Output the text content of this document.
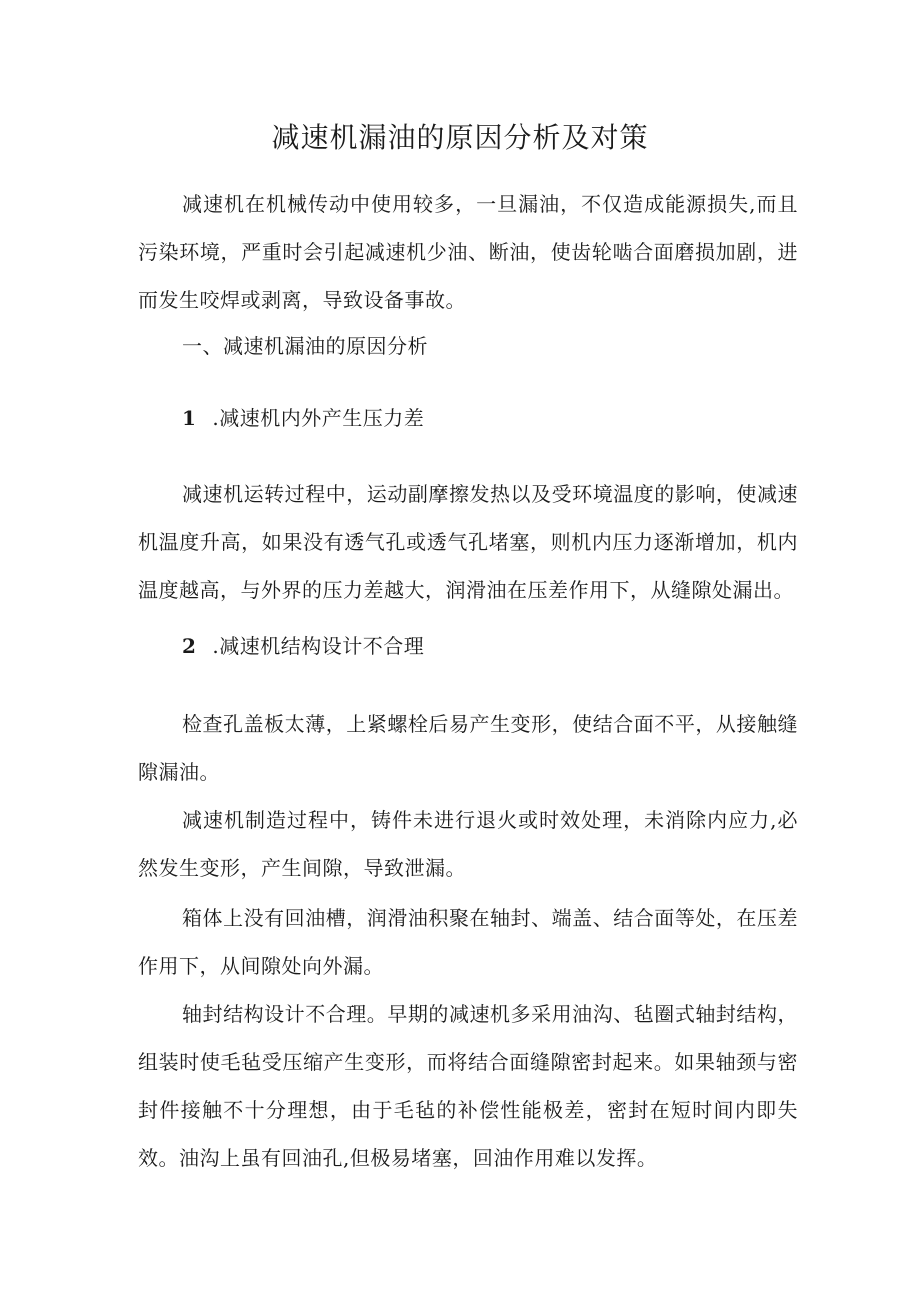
减速机漏油的原因分析及对策

减速机在机械传动中使用较多，一旦漏油，不仅造成能源损失,而且污染环境，严重时会引起减速机少油、断油，使齿轮啮合面磨损加剧，进而发生咬焊或剥离，导致设备事故。

一、减速机漏油的原因分析
1 .减速机内外产生压力差

减速机运转过程中，运动副摩擦发热以及受环境温度的影响，使减速机温度升高，如果没有透气孔或透气孔堵塞，则机内压力逐渐增加，机内温度越高，与外界的压力差越大，润滑油在压差作用下，从缝隙处漏出。

2 .减速机结构设计不合理

检查孔盖板太薄，上紧螺栓后易产生变形，使结合面不平，从接触缝隙漏油。

减速机制造过程中，铸件未进行退火或时效处理，未消除内应力,必然发生变形，产生间隙，导致泄漏。

箱体上没有回油槽，润滑油积聚在轴封、端盖、结合面等处，在压差作用下，从间隙处向外漏。

轴封结构设计不合理。早期的减速机多采用油沟、毡圈式轴封结构，组装时使毛毡受压缩产生变形，而将结合面缝隙密封起来。如果轴颈与密封件接触不十分理想，由于毛毡的补偿性能极差，密封在短时间内即失效。油沟上虽有回油孔,但极易堵塞，回油作用难以发挥。
